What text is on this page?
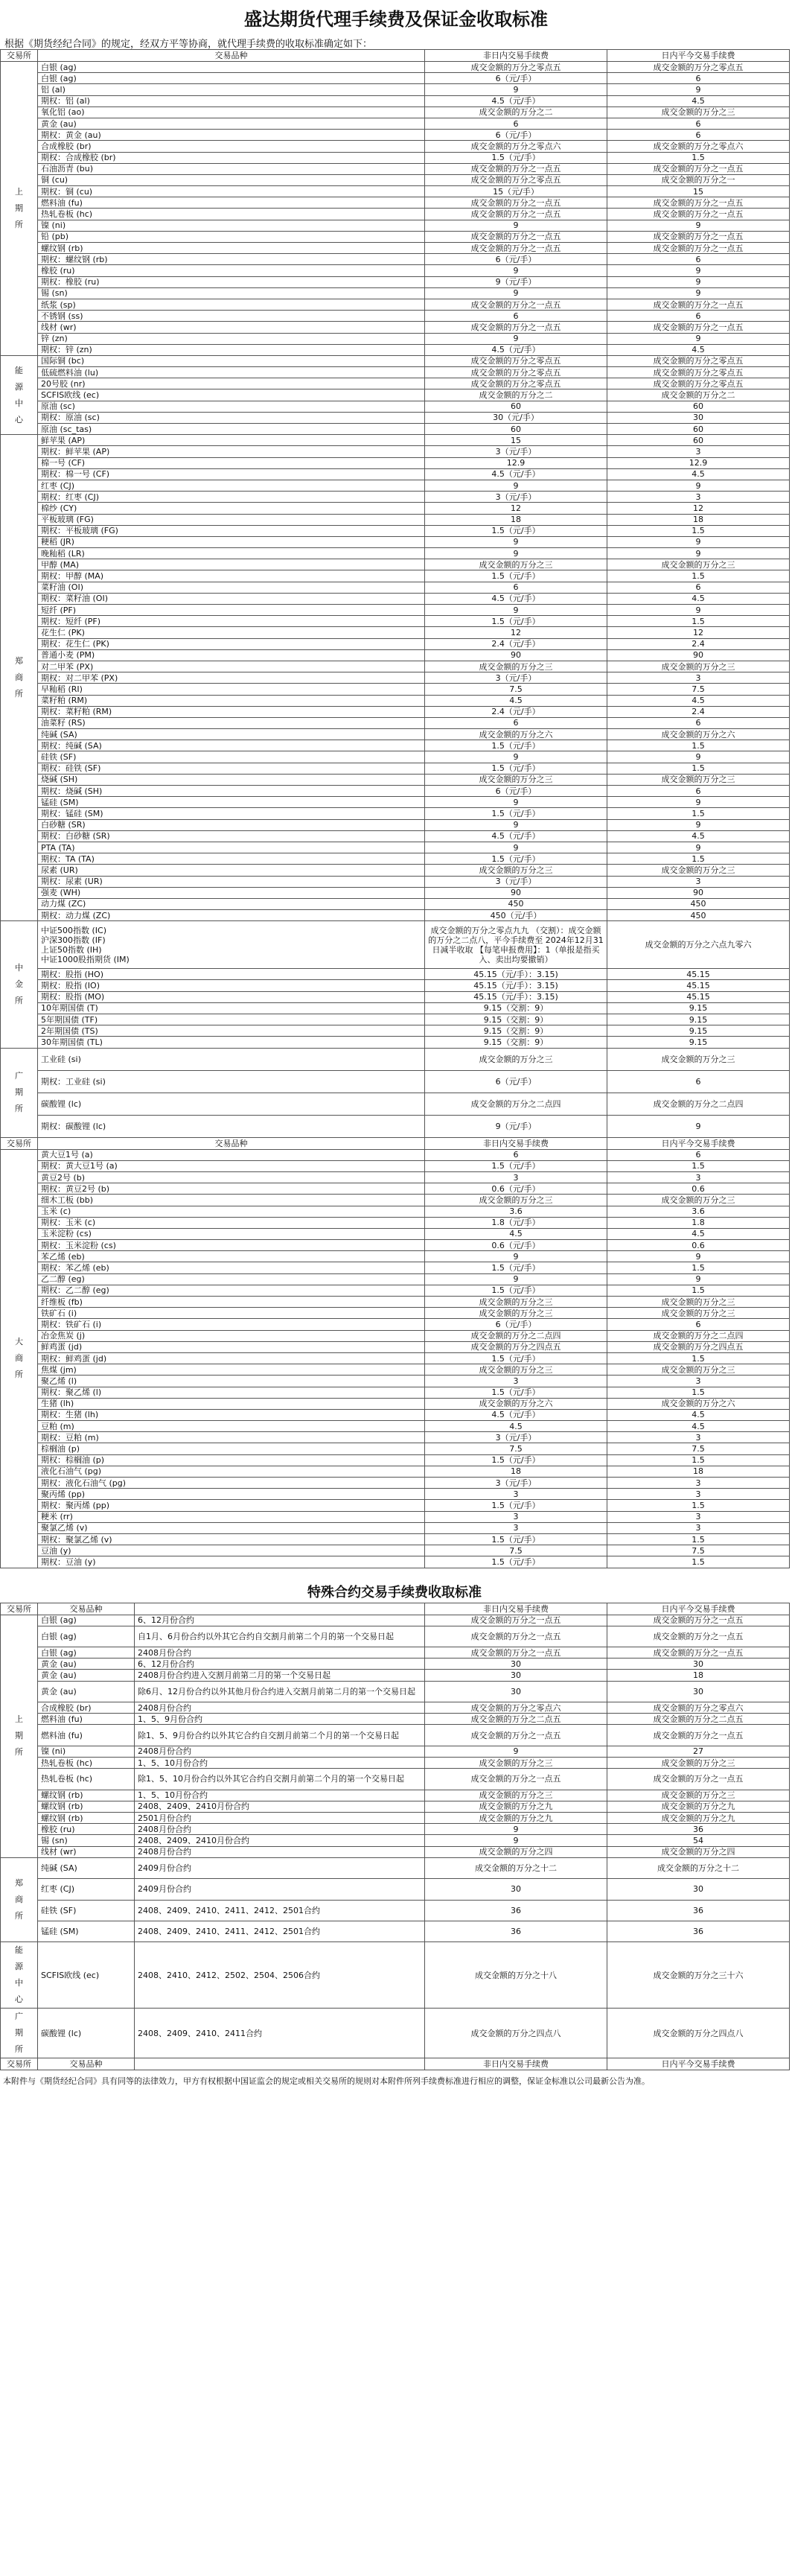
盛达期货代理手续费及保证金收取标准
根据《期货经纪合同》的规定，经双方平等协商，就代理手续费的收取标准确定如下：
交易所	交易品种	非日内交易手续费	日内平今交易手续费
上
期
所	白银 (ag)	成交金额的万分之零点五	成交金额的万分之零点五
	白银 (ag)	6（元/手）	6
	铝 (al)	9	9
	期权：铝 (al)	4.5（元/手）	4.5
	氧化铝 (ao)	成交金额的万分之二	成交金额的万分之三
	黄金 (au)	6	6
	期权：黄金 (au)	6（元/手）	6
	合成橡胶 (br)	成交金额的万分之零点六	成交金额的万分之零点六
	期权：合成橡胶 (br)	1.5（元/手）	1.5
	石油沥青 (bu)	成交金额的万分之一点五	成交金额的万分之一点五
	铜 (cu)	成交金额的万分之零点五	成交金额的万分之一
	期权：铜 (cu)	15（元/手）	15
	燃料油 (fu)	成交金额的万分之一点五	成交金额的万分之一点五
	热轧卷板 (hc)	成交金额的万分之一点五	成交金额的万分之一点五
	镍 (ni)	9	9
	铅 (pb)	成交金额的万分之一点五	成交金额的万分之一点五
	螺纹钢 (rb)	成交金额的万分之一点五	成交金额的万分之一点五
	期权：螺纹钢 (rb)	6（元/手）	6
	橡胶 (ru)	9	9
	期权：橡胶 (ru)	9（元/手）	9
	锡 (sn)	9	9
	纸浆 (sp)	成交金额的万分之一点五	成交金额的万分之一点五
	不锈钢 (ss)	6	6
	线材 (wr)	成交金额的万分之一点五	成交金额的万分之一点五
	锌 (zn)	9	9
	期权：锌 (zn)	4.5（元/手）	4.5
能
源
中
心	国际铜 (bc)	成交金额的万分之零点五	成交金额的万分之零点五
	低硫燃料油 (lu)	成交金额的万分之零点五	成交金额的万分之零点五
	20号胶 (nr)	成交金额的万分之零点五	成交金额的万分之零点五
	SCFIS欧线 (ec)	成交金额的万分之二	成交金额的万分之二
	原油 (sc)	60	60
	期权：原油 (sc)	30（元/手）	30
	原油 (sc_tas)	60	60
郑
商
所	鲜苹果 (AP)	15	60
	期权：鲜苹果 (AP)	3（元/手）	3
	棉一号 (CF)	12.9	12.9
	期权：棉一号 (CF)	4.5（元/手）	4.5
	红枣 (CJ)	9	9
	期权：红枣 (CJ)	3（元/手）	3
	棉纱 (CY)	12	12
	平板玻璃 (FG)	18	18
	期权：平板玻璃 (FG)	1.5（元/手）	1.5
	粳稻 (JR)	9	9
	晚籼稻 (LR)	9	9
	甲醇 (MA)	成交金额的万分之三	成交金额的万分之三
	期权：甲醇 (MA)	1.5（元/手）	1.5
	菜籽油 (OI)	6	6
	期权：菜籽油 (OI)	4.5（元/手）	4.5
	短纤 (PF)	9	9
	期权：短纤 (PF)	1.5（元/手）	1.5
	花生仁 (PK)	12	12
	期权：花生仁 (PK)	2.4（元/手）	2.4
	普通小麦 (PM)	90	90
	对二甲苯 (PX)	成交金额的万分之三	成交金额的万分之三
	期权：对二甲苯 (PX)	3（元/手）	3
	早籼稻 (RI)	7.5	7.5
	菜籽粕 (RM)	4.5	4.5
	期权：菜籽粕 (RM)	2.4（元/手）	2.4
	油菜籽 (RS)	6	6
	纯碱 (SA)	成交金额的万分之六	成交金额的万分之六
	期权：纯碱 (SA)	1.5（元/手）	1.5
	硅铁 (SF)	9	9
	期权：硅铁 (SF)	1.5（元/手）	1.5
	烧碱 (SH)	成交金额的万分之三	成交金额的万分之三
	期权：烧碱 (SH)	6（元/手）	6
	锰硅 (SM)	9	9
	期权：锰硅 (SM)	1.5（元/手）	1.5
	白砂糖 (SR)	9	9
	期权：白砂糖 (SR)	4.5（元/手）	4.5
	PTA (TA)	9	9
	期权：TA (TA)	1.5（元/手）	1.5
	尿素 (UR)	成交金额的万分之三	成交金额的万分之三
	期权：尿素 (UR)	3（元/手）	3
	强麦 (WH)	90	90
	动力煤 (ZC)	450	450
	期权：动力煤 (ZC)	450（元/手）	450
中
金
所	中证500指数 (IC)
沪深300指数 (IF)
上证50指数 (IH)
中证1000股指期货 (IM)	成交金额的万分之零点九九 （交割）：成交金额的万分之二点八，平今手续费至 2024年12月31日减半收取 【每笔申报费用】：1（单报是指买入、卖出均要撤销）	成交金额的万分之六点九零六
	期权：股指 (HO)	45.15（元/手）：3.15)	45.15
	期权：股指 (IO)	45.15（元/手）：3.15)	45.15
	期权：股指 (MO)	45.15（元/手）：3.15)	45.15
	10年期国债 (T)	9.15（交割：9）	9.15
	5年期国债 (TF)	9.15（交割：9）	9.15
	2年期国债 (TS)	9.15（交割：9）	9.15
	30年期国债 (TL)	9.15（交割：9）	9.15
广
期
所	工业硅 (si)	成交金额的万分之三	成交金额的万分之三
	期权：工业硅 (si)	6（元/手）	6
	碳酸锂 (lc)	成交金额的万分之二点四	成交金额的万分之二点四
	期权：碳酸锂 (lc)	9（元/手）	9
交易所	交易品种	非日内交易手续费	日内平今交易手续费
大
商
所	黄大豆1号 (a)	6	6
	期权：黄大豆1号 (a)	1.5（元/手）	1.5
	黄豆2号 (b)	3	3
	期权：黄豆2号 (b)	0.6（元/手）	0.6
	细木工板 (bb)	成交金额的万分之三	成交金额的万分之三
	玉米 (c)	3.6	3.6
	期权：玉米 (c)	1.8（元/手）	1.8
	玉米淀粉 (cs)	4.5	4.5
	期权：玉米淀粉 (cs)	0.6（元/手）	0.6
	苯乙烯 (eb)	9	9
	期权：苯乙烯 (eb)	1.5（元/手）	1.5
	乙二醇 (eg)	9	9
	期权：乙二醇 (eg)	1.5（元/手）	1.5
	纤维板 (fb)	成交金额的万分之三	成交金额的万分之三
	铁矿石 (i)	成交金额的万分之三	成交金额的万分之三
	期权：铁矿石 (i)	6（元/手）	6
	冶金焦炭 (j)	成交金额的万分之二点四	成交金额的万分之二点四
	鲜鸡蛋 (jd)	成交金额的万分之四点五	成交金额的万分之四点五
	期权：鲜鸡蛋 (jd)	1.5（元/手）	1.5
	焦煤 (jm)	成交金额的万分之三	成交金额的万分之三
	聚乙烯 (l)	3	3
	期权：聚乙烯 (l)	1.5（元/手）	1.5
	生猪 (lh)	成交金额的万分之六	成交金额的万分之六
	期权：生猪 (lh)	4.5（元/手）	4.5
	豆粕 (m)	4.5	4.5
	期权：豆粕 (m)	3（元/手）	3
	棕榈油 (p)	7.5	7.5
	期权：棕榈油 (p)	1.5（元/手）	1.5
	液化石油气 (pg)	18	18
	期权：液化石油气 (pg)	3（元/手）	3
	聚丙烯 (pp)	3	3
	期权：聚丙烯 (pp)	1.5（元/手）	1.5
	粳米 (rr)	3	3
	聚氯乙烯 (v)	3	3
	期权：聚氯乙烯 (v)	1.5（元/手）	1.5
	豆油 (y)	7.5	7.5
	期权：豆油 (y)	1.5（元/手）	1.5
特殊合约交易手续费收取标准
交易所	交易品种		非日内交易手续费	日内平今交易手续费
上
期
所	白银 (ag)	6、12月份合约	成交金额的万分之一点五	成交金额的万分之一点五
	白银 (ag)	自1月、6月份合约以外其它合约自交割月前第二个月的第一个交易日起	成交金额的万分之一点五	成交金额的万分之一点五
	白银 (ag)	2408月份合约	成交金额的万分之一点五	成交金额的万分之一点五
	黄金 (au)	6、12月份合约	30	30
	黄金 (au)	2408月份合约进入交割月前第二月的第一个交易日起	30	18
	黄金 (au)	除6月、12月份合约以外其他月份合约进入交割月前第二月的第一个交易日起	30	30
	合成橡胶 (br)	2408月份合约	成交金额的万分之零点六	成交金额的万分之零点六
	燃料油 (fu)	1、5、9月份合约	成交金额的万分之二点五	成交金额的万分之二点五
	燃料油 (fu)	除1、5、9月份合约以外其它合约自交割月前第二个月的第一个交易日起	成交金额的万分之一点五	成交金额的万分之一点五
	镍 (ni)	2408月份合约	9	27
	热轧卷板 (hc)	1、5、10月份合约	成交金额的万分之三	成交金额的万分之三
	热轧卷板 (hc)	除1、5、10月份合约以外其它合约自交割月前第二个月的第一个交易日起	成交金额的万分之一点五	成交金额的万分之一点五
	螺纹钢 (rb)	1、5、10月份合约	成交金额的万分之三	成交金额的万分之三
	螺纹钢 (rb)	2408、2409、2410月份合约	成交金额的万分之九	成交金额的万分之九
	螺纹钢 (rb)	2501月份合约	成交金额的万分之九	成交金额的万分之九
	橡胶 (ru)	2408月份合约	9	36
	锡 (sn)	2408、2409、2410月份合约	9	54
	线材 (wr)	2408月份合约	成交金额的万分之四	成交金额的万分之四
郑
商
所	纯碱 (SA)	2409月份合约	成交金额的万分之十二	成交金额的万分之十二
	红枣 (CJ)	2409月份合约	30	30
	硅铁 (SF)	2408、2409、2410、2411、2412、2501合约	36	36
	锰硅 (SM)	2408、2409、2410、2411、2412、2501合约	36	36
能
源
中
心	SCFIS欧线 (ec)	2408、2410、2412、2502、2504、2506合约	成交金额的万分之十八	成交金额的万分之三十六
广
期
所	碳酸锂 (lc)	2408、2409、2410、2411合约	成交金额的万分之四点八	成交金额的万分之四点八
交易所	交易品种		非日内交易手续费	日内平今交易手续费
本附件与《期货经纪合同》具有同等的法律效力，甲方有权根据中国证监会的规定或相关交易所的规则对本附件所列手续费标准进行相应的调整，保证金标准以公司最新公告为准。
